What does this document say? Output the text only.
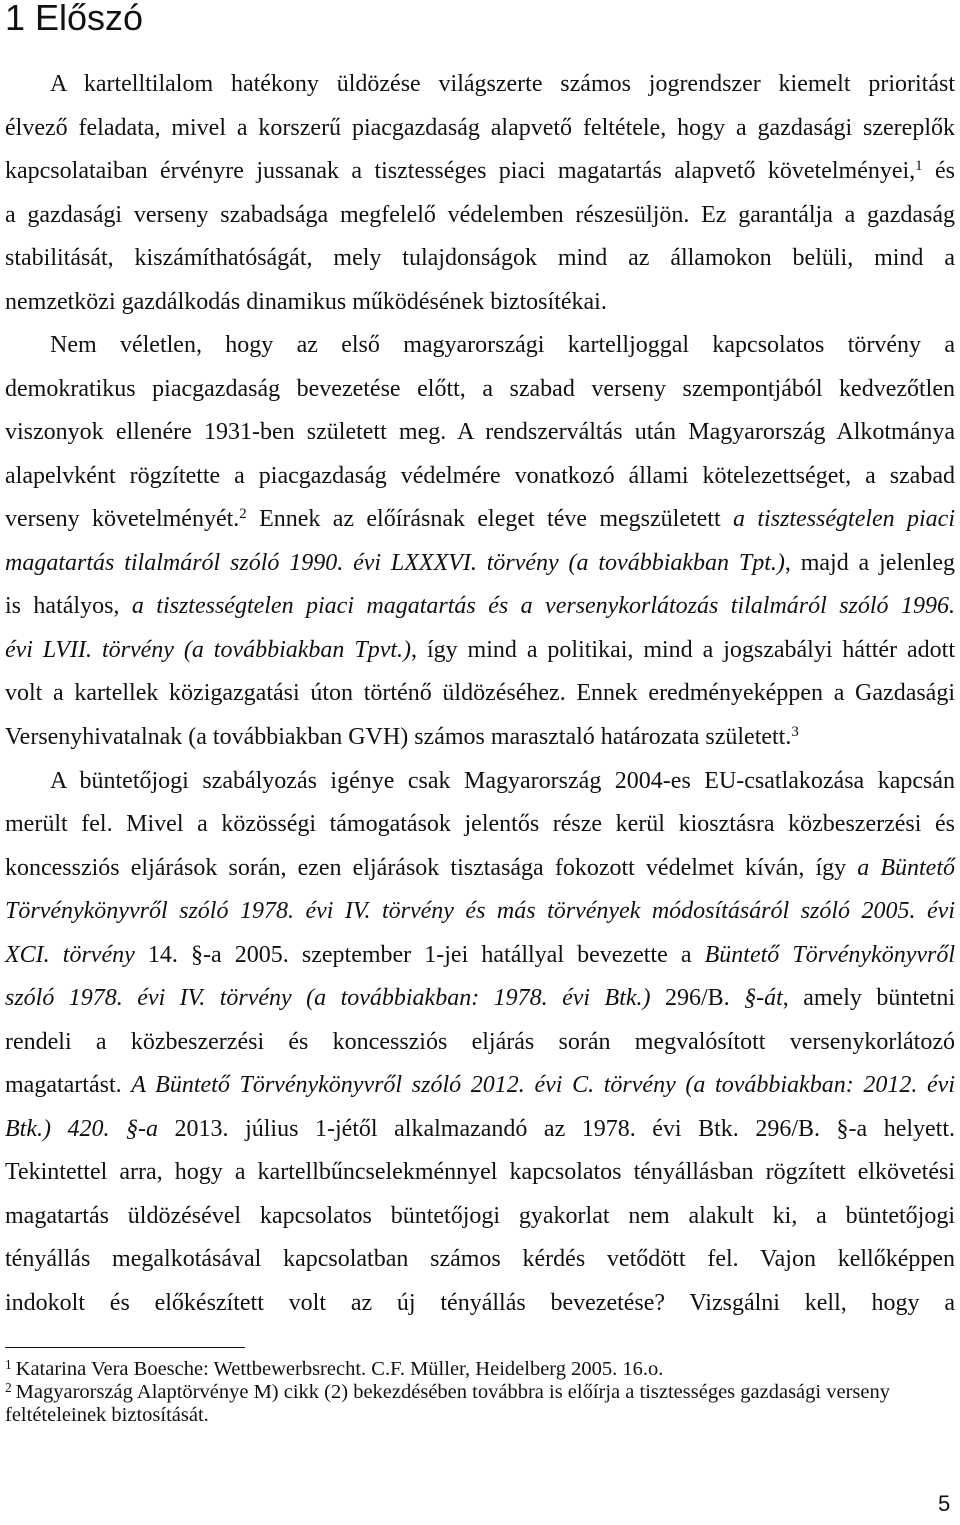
1 Előszó
A kartelltilalom hatékony üldözése világszerte számos jogrendszer kiemelt prioritást
élvező feladata, mivel a korszerű piacgazdaság alapvető feltétele, hogy a gazdasági szereplők
kapcsolataiban érvényre jussanak a tisztességes piaci magatartás alapvető követelményei,$^1$ és
a gazdasági verseny szabadsága megfelelő védelemben részesüljön. Ez garantálja a gazdaság
stabilitását, kiszámíthatóságát, mely tulajdonságok mind az államokon belüli, mind a
nemzetközi gazdálkodás dinamikus működésének biztosítékai.
Nem véletlen, hogy az első magyarországi kartelljoggal kapcsolatos törvény a
demokratikus piacgazdaság bevezetése előtt, a szabad verseny szempontjából kedvezőtlen
viszonyok ellenére 1931-ben született meg. A rendszerváltás után Magyarország Alkotmánya
alapelvként rögzítette a piacgazdaság védelmére vonatkozó állami kötelezettséget, a szabad
verseny követelményét.$^2$ Ennek az előírásnak eleget téve megszületett a tisztességtelen piaci
magatartás tilalmáról szóló 1990. évi LXXXVI. törvény (a továbbiakban Tpt.), majd a jelenleg
is hatályos, a tisztességtelen piaci magatartás és a versenykorlátozás tilalmáról szóló 1996.
évi LVII. törvény (a továbbiakban Tpvt.), így mind a politikai, mind a jogszabályi háttér adott
volt a kartellek közigazgatási úton történő üldözéséhez. Ennek eredményeképpen a Gazdasági
Versenyhivatalnak (a továbbiakban GVH) számos marasztaló határozata született.$^3$
A büntetőjogi szabályozás igénye csak Magyarország 2004-es EU-csatlakozása kapcsán
merült fel. Mivel a közösségi támogatások jelentős része kerül kiosztásra közbeszerzési és
koncessziós eljárások során, ezen eljárások tisztasága fokozott védelmet kíván, így a Büntető
Törvénykönyvről szóló 1978. évi IV. törvény és más törvények módosításáról szóló 2005. évi
XCI. törvény 14. §-a 2005. szeptember 1-jei hatállyal bevezette a Büntető Törvénykönyvről
szóló 1978. évi IV. törvény (a továbbiakban: 1978. évi Btk.) 296/B. §-át, amely büntetni
rendeli a közbeszerzési és koncessziós eljárás során megvalósított versenykorlátozó
magatartást. A Büntető Törvénykönyvről szóló 2012. évi C. törvény (a továbbiakban: 2012. évi
Btk.) 420. §-a 2013. július 1-jétől alkalmazandó az 1978. évi Btk. 296/B. §-a helyett.
Tekintettel arra, hogy a kartellbűncselekménnyel kapcsolatos tényállásban rögzített elkövetési
magatartás üldözésével kapcsolatos büntetőjogi gyakorlat nem alakult ki, a büntetőjogi
tényállás megalkotásával kapcsolatban számos kérdés vetődött fel. Vajon kellőképpen
indokolt és előkészített volt az új tényállás bevezetése? Vizsgálni kell, hogy a
$^1$ Katarina Vera Boesche: Wettbewerbsrecht. C.F. Müller, Heidelberg 2005. 16.o.
$^2$ Magyarország Alaptörvénye M) cikk (2) bekezdésében továbbra is előírja a tisztességes gazdasági verseny feltételeinek biztosítását.
5
